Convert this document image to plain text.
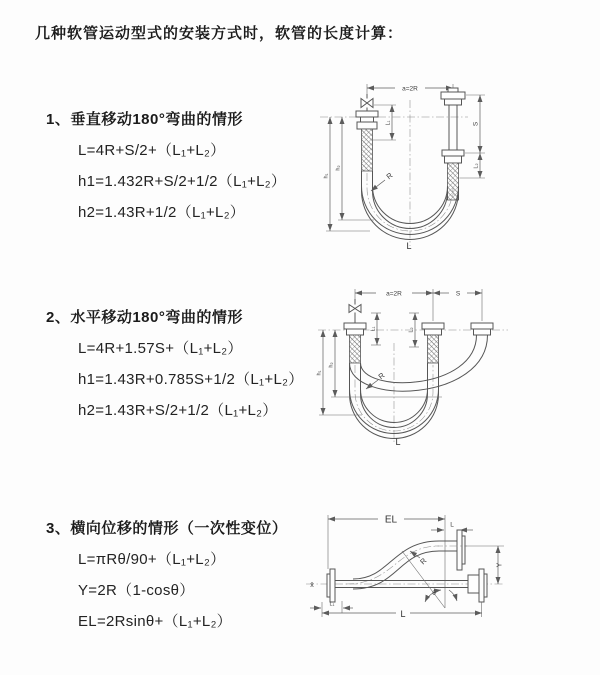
几种软管运动型式的安装方式时，软管的长度计算：
1、垂直移动180°弯曲的情形
L=4R+S/2+（L₁+L₂）
h1=1.432R+S/2+1/2（L₁+L₂）
h2=1.43R+1/2（L₁+L₂）
2、水平移动180°弯曲的情形
L=4R+1.57S+（L₁+L₂）
h1=1.43R+0.785S+1/2（L₁+L₂）
h2=1.43R+S/2+1/2（L₁+L₂）
3、横向位移的情形（一次性变位）
L=πRθ/90+（L₁+L₂）
Y=2R（1-cosθ）
EL=2Rsinθ+（L₁+L₂）
a=2R
S
L₂
h₁
h₂
L₁
R
L
a=2R	S
h₁
h₂
L₁	L₂
R
L
EL	L
Y
θ
R
x̄
L₁
L
